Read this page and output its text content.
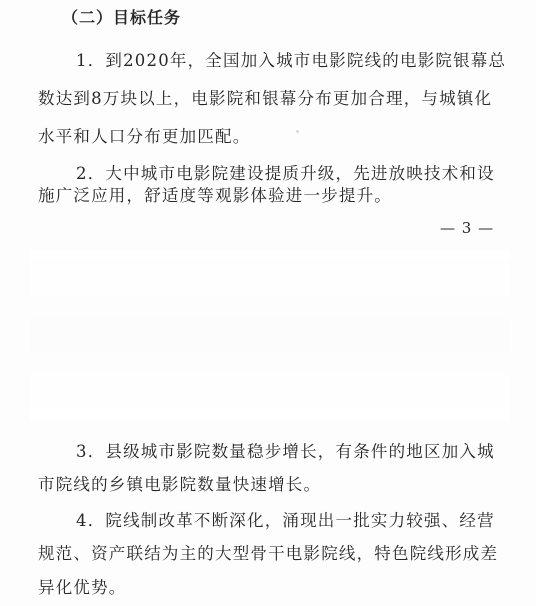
（二）目标任务
1．到2020年，全国加入城市电影院线的电影院银幕总
数达到8万块以上，电影院和银幕分布更加合理，与城镇化
水平和人口分布更加匹配。
2．大中城市电影院建设提质升级，先进放映技术和设
施广泛应用，舒适度等观影体验进一步提升。
— 3 —
3．县级城市影院数量稳步增长，有条件的地区加入城
市院线的乡镇电影院数量快速增长。
4．院线制改革不断深化，涌现出一批实力较强、经营
规范、资产联结为主的大型骨干电影院线，特色院线形成差
异化优势。
